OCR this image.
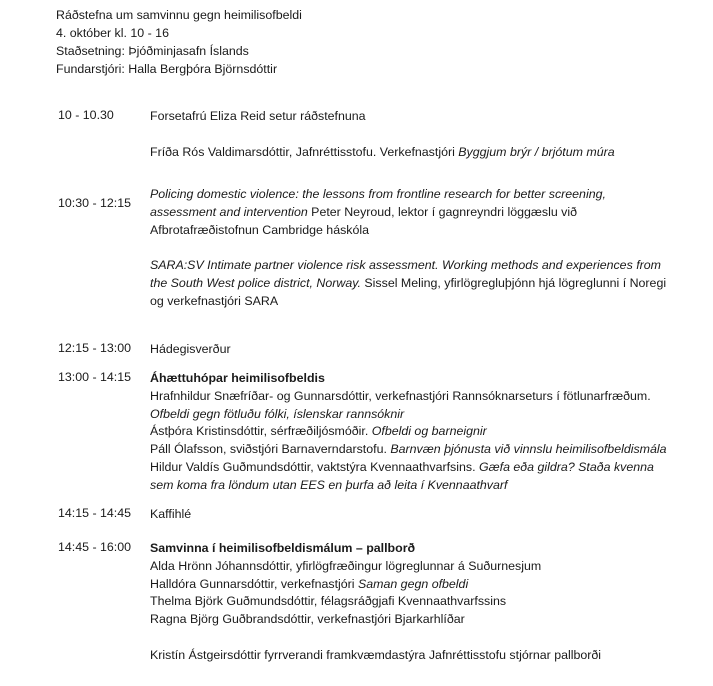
Ráðstefna um samvinnu gegn heimilisofbeldi
4. október kl. 10 - 16
Staðsetning: Þjóðminjasafn Íslands
Fundarstjóri: Halla Bergþóra Björnsdóttir
10 - 10.30	Forsetafrú Eliza Reid setur ráðstefnuna
Fríða Rós Valdimarsdóttir, Jafnréttisstofu. Verkefnastjóri Byggjum brýr / brjótum múra
10:30 - 12:15
Policing domestic violence: the lessons from frontline research for better screening,
assessment and intervention Peter Neyroud, lektor í gagnreyndri löggæslu við
Afbrotafræðistofnun Cambridge háskóla
SARA:SV Intimate partner violence risk assessment. Working methods and experiences from
the South West police district, Norway. Sissel Meling, yfirlögregluþjónn hjá lögreglunni í Noregi
og verkefnastjóri SARA
12:15 - 13:00 Hádegisverður
13:00 - 14:15 Áhættuhópar heimilisofbeldis
Hrafnhildur Snæfríðar- og Gunnarsdóttir, verkefnastjóri Rannsóknarseturs í fötlunarfræðum.
Ofbeldi gegn fötluðu fólki, íslenskar rannsóknir
Ástþóra Kristinsdóttir, sérfræðiljósmóðir. Ofbeldi og barneignir
Páll Ólafsson, sviðstjóri Barnaverndarstofu. Barnvæn þjónusta við vinnslu heimilisofbeldismála
Hildur Valdís Guðmundsdóttir, vaktstýra Kvennaathvarfsins. Gæfa eða gildra? Staða kvenna
sem koma fra löndum utan EES en þurfa að leita í Kvennaathvarf
14:15 - 14:45 Kaffihlé
14:45 - 16:00 Samvinna í heimilisofbeldismálum – pallborð
Alda Hrönn Jóhannsdóttir, yfirlögfræðingur lögreglunnar á Suðurnesjum
Halldóra Gunnarsdóttir, verkefnastjóri Saman gegn ofbeldi
Thelma Björk Guðmundsdóttir, félagsráðgjafi Kvennaathvarfssins
Ragna Björg Guðbrandsdóttir, verkefnastjóri Bjarkarhlíðar
Kristín Ástgeirsdóttir fyrrverandi framkvæmdastýra Jafnréttisstofu stjórnar pallborði
